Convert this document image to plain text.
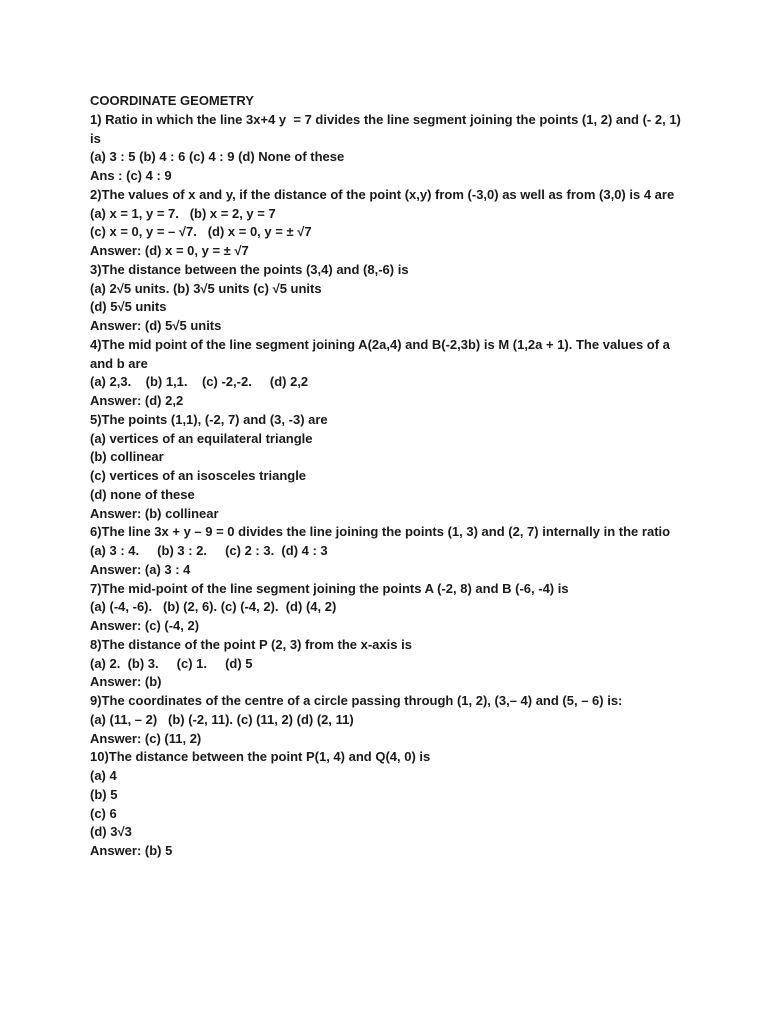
COORDINATE GEOMETRY
1) Ratio in which the line 3x+4 y  = 7 divides the line segment joining the points (1, 2) and (- 2, 1) is
(a) 3 : 5 (b) 4 : 6 (c) 4 : 9 (d) None of these
Ans : (c) 4 : 9
2)The values of x and y, if the distance of the point (x,y) from (-3,0) as well as from (3,0) is 4 are
(a) x = 1, y = 7.   (b) x = 2, y = 7
(c) x = 0, y = – √7.   (d) x = 0, y = ± √7
Answer: (d) x = 0, y = ± √7
3)The distance between the points (3,4) and (8,-6) is
(a) 2√5 units. (b) 3√5 units (c) √5 units
(d) 5√5 units
Answer: (d) 5√5 units
4)The mid point of the line segment joining A(2a,4) and B(-2,3b) is M (1,2a + 1). The values of a and b are
(a) 2,3.    (b) 1,1.    (c) -2,-2.     (d) 2,2
Answer: (d) 2,2
5)The points (1,1), (-2, 7) and (3, -3) are
(a) vertices of an equilateral triangle
(b) collinear
(c) vertices of an isosceles triangle
(d) none of these
Answer: (b) collinear
6)The line 3x + y – 9 = 0 divides the line joining the points (1, 3) and (2, 7) internally in the ratio
(a) 3 : 4.     (b) 3 : 2.     (c) 2 : 3.  (d) 4 : 3
Answer: (a) 3 : 4
7)The mid-point of the line segment joining the points A (-2, 8) and B (-6, -4) is
(a) (-4, -6).   (b) (2, 6). (c) (-4, 2).  (d) (4, 2)
Answer: (c) (-4, 2)
8)The distance of the point P (2, 3) from the x-axis is
(a) 2.  (b) 3.     (c) 1.     (d) 5
Answer: (b)
9)The coordinates of the centre of a circle passing through (1, 2), (3,– 4) and (5, – 6) is:
(a) (11, – 2)   (b) (-2, 11). (c) (11, 2) (d) (2, 11)
Answer: (c) (11, 2)
10)The distance between the point P(1, 4) and Q(4, 0) is
(a) 4
(b) 5
(c) 6
(d) 3√3
Answer: (b) 5
